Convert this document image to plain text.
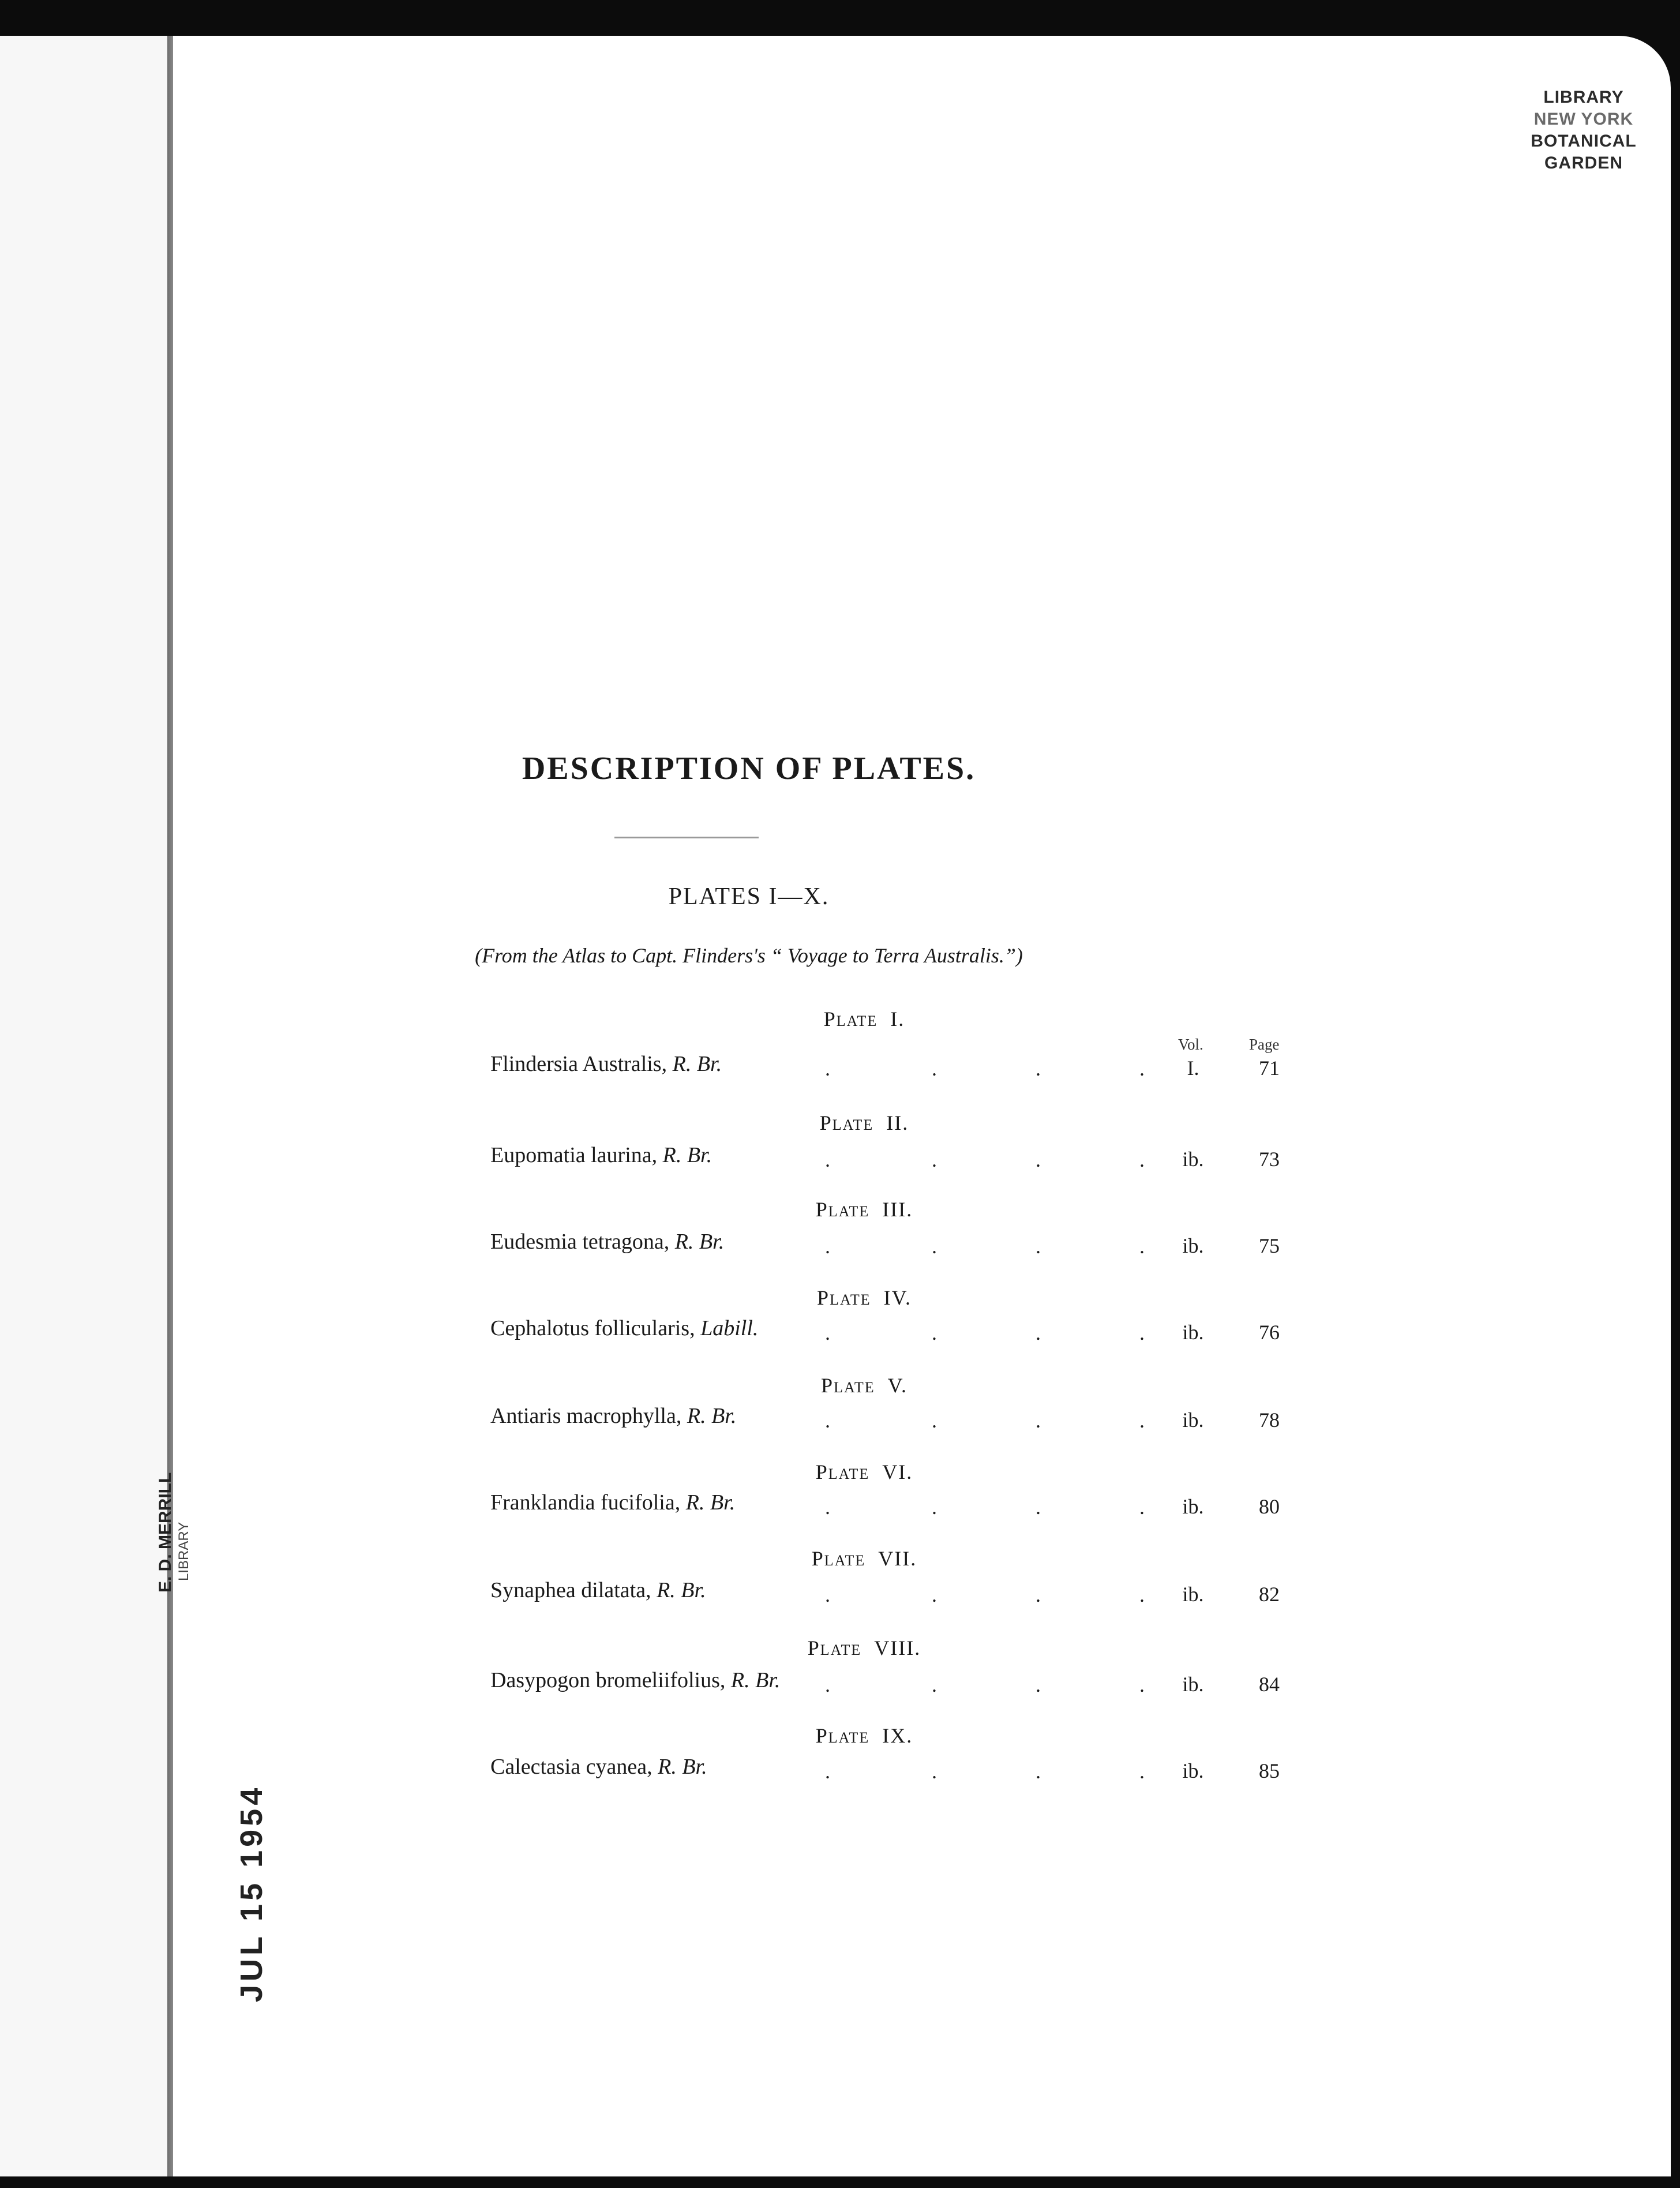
LIBRARY
NEW YORK
BOTANICAL
GARDEN
E. D. MERRILL LIBRARY
JUL 15 1954
DESCRIPTION OF PLATES.
PLATES I—X.
(From the Atlas to Capt. Flinders's “ Voyage to Terra Australis.”)
Vol.	Page
PLATE  I.
Flindersia Australis, R. Br.	.	.	.	.	I.	71
PLATE  II.
Eupomatia laurina, R. Br.	.	.	.	.	ib.	73
PLATE  III.
Eudesmia tetragona, R. Br.	.	.	.	.	ib.	75
PLATE  IV.
Cephalotus follicularis, Labill.	.	.	.	.	ib.	76
PLATE  V.
Antiaris macrophylla, R. Br.	.	.	.	.	ib.	78
PLATE  VI.
Franklandia fucifolia, R. Br.	.	.	.	.	ib.	80
PLATE  VII.
Synaphea dilatata, R. Br.	.	.	.	.	ib.	82
PLATE  VIII.
Dasypogon bromeliifolius, R. Br. .	.	.	.	ib.	84
PLATE  IX.
Calectasia cyanea, R. Br.	.	.	.	.	ib.	85
